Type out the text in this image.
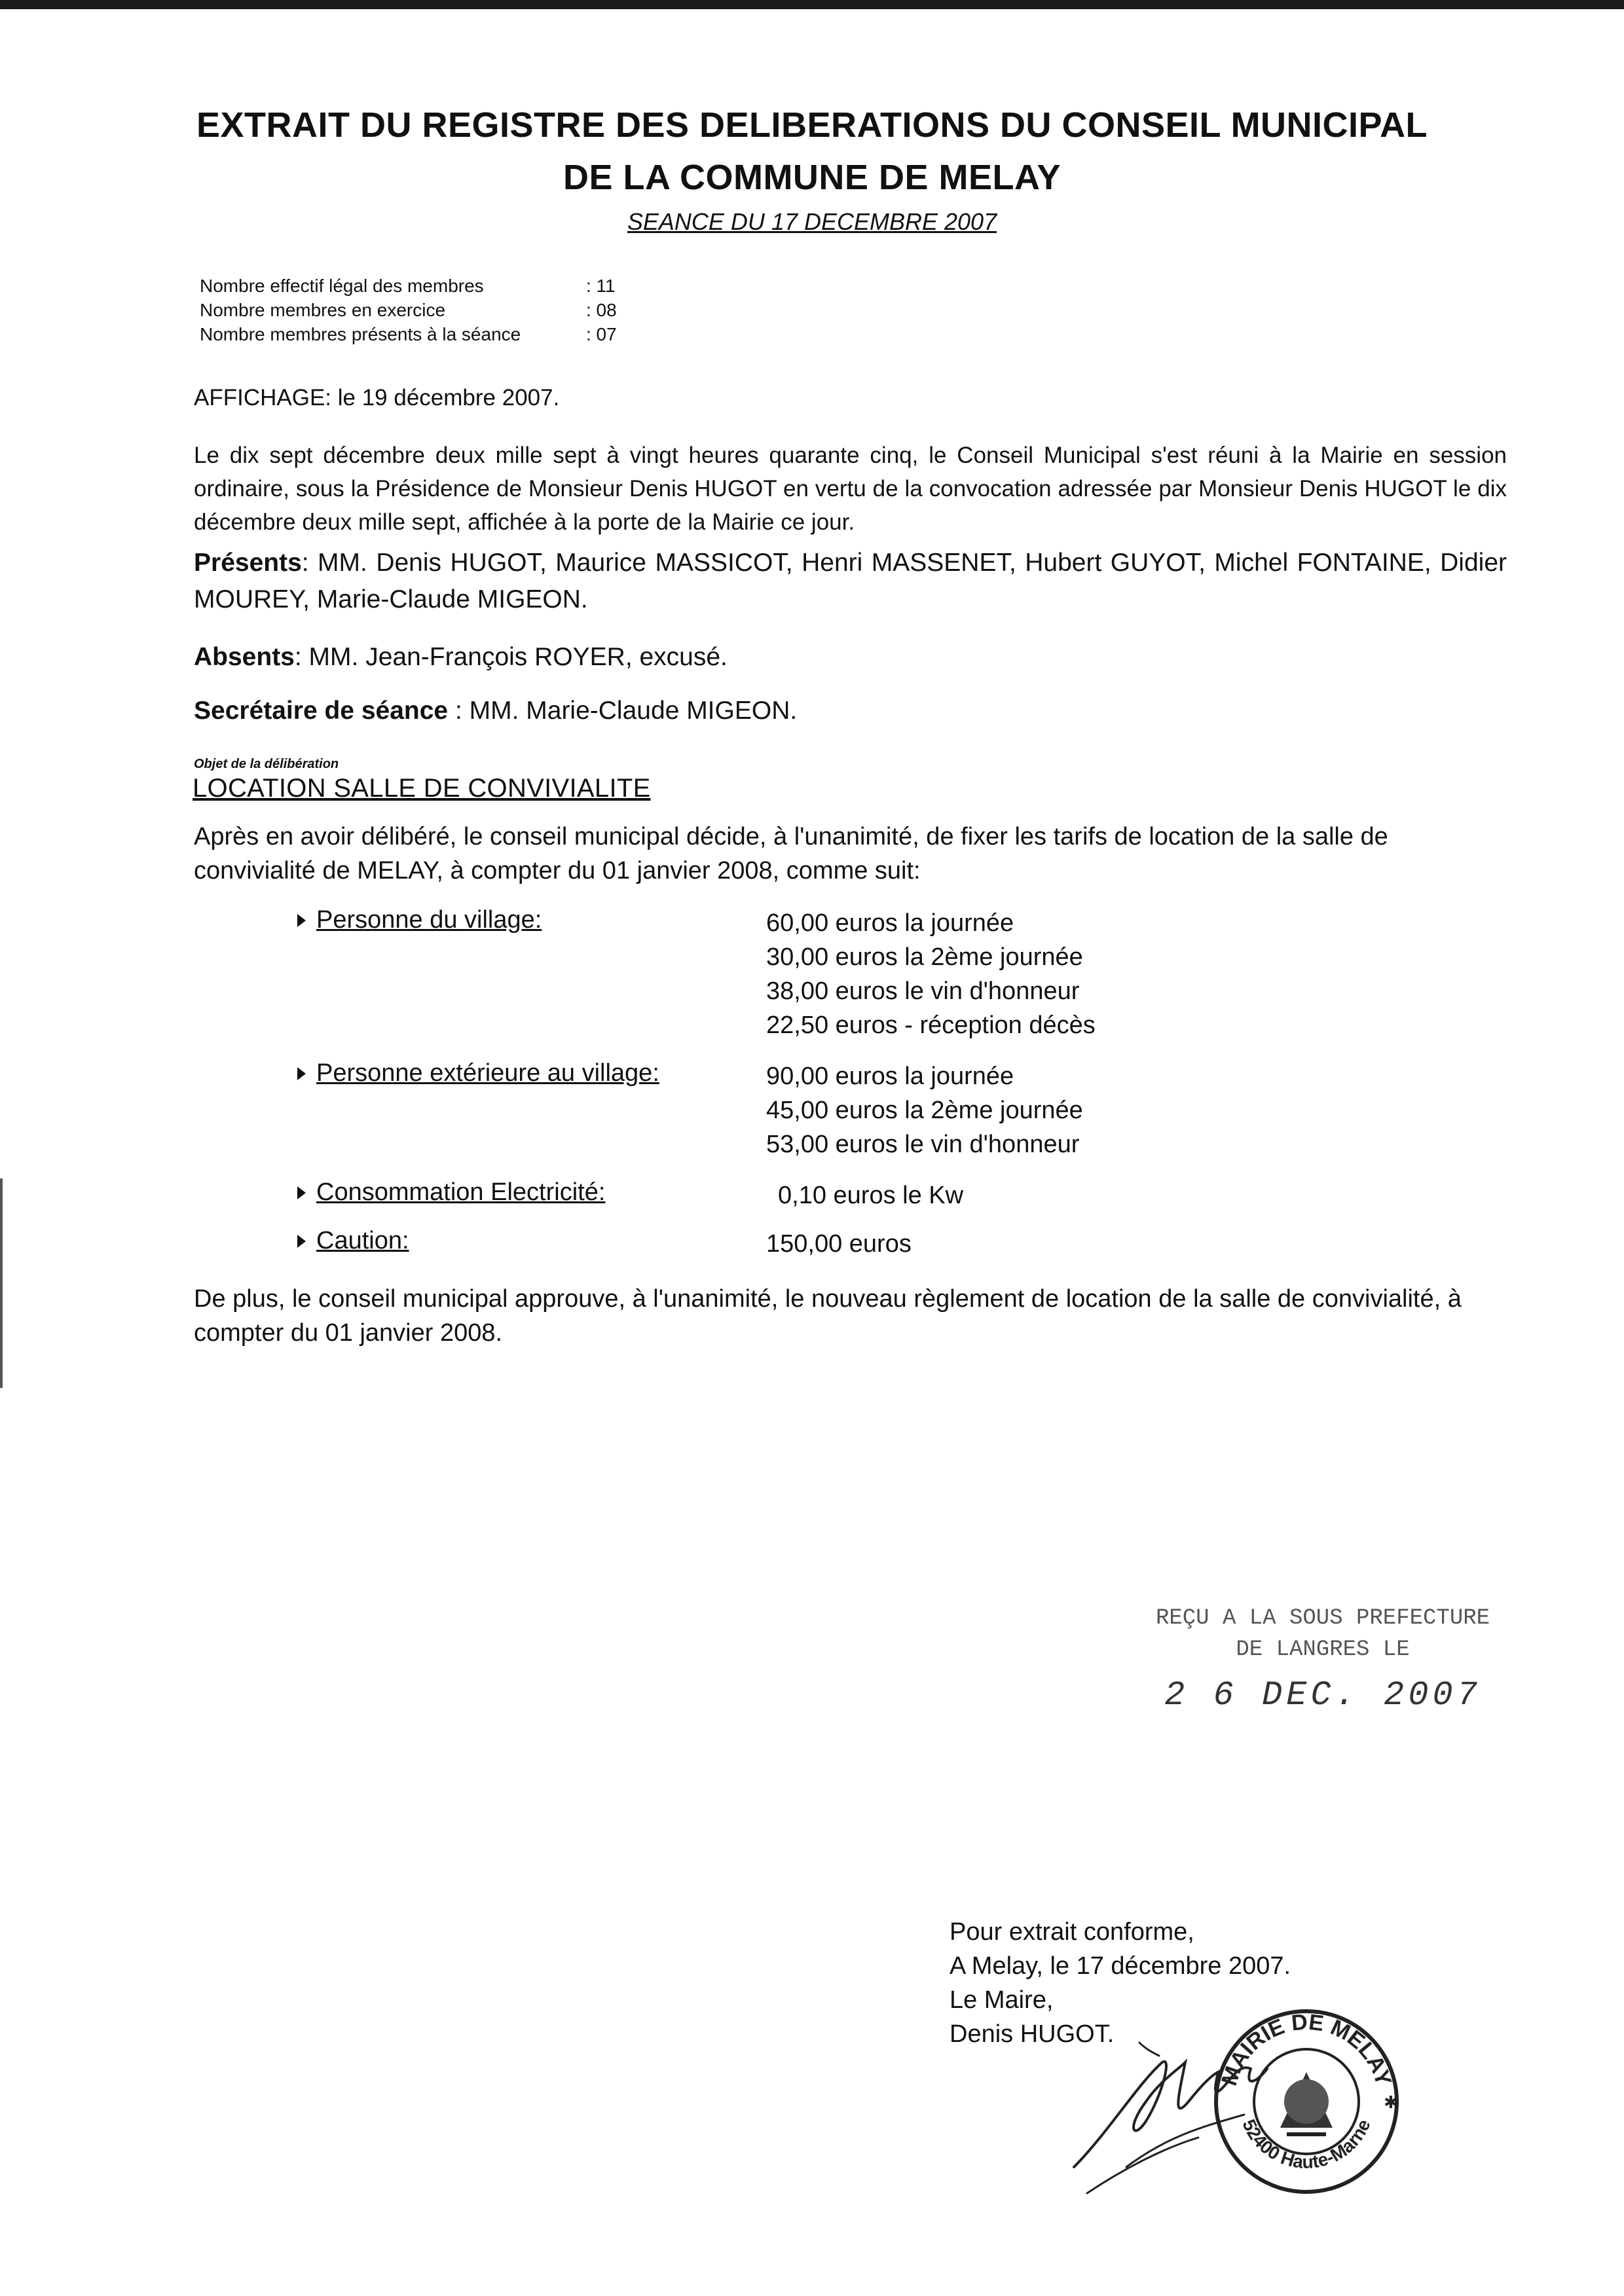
EXTRAIT DU REGISTRE DES DELIBERATIONS DU CONSEIL MUNICIPAL
DE LA COMMUNE DE MELAY
SEANCE DU 17 DECEMBRE 2007
Nombre effectif légal des membres	: 11
Nombre membres en exercice	: 08
Nombre membres présents à la séance	: 07
AFFICHAGE: le 19 décembre 2007.
Le dix sept décembre deux mille sept à vingt heures quarante cinq, le Conseil Municipal s'est réuni à la Mairie en session ordinaire, sous la Présidence de Monsieur Denis HUGOT en vertu de la convocation adressée par Monsieur Denis HUGOT le dix décembre deux mille sept, affichée à la porte de la Mairie ce jour.
Présents: MM. Denis HUGOT, Maurice MASSICOT, Henri MASSENET, Hubert GUYOT, Michel FONTAINE, Didier MOUREY, Marie-Claude MIGEON.
Absents: MM. Jean-François ROYER, excusé.
Secrétaire de séance : MM. Marie-Claude MIGEON.
Objet de la délibération
LOCATION SALLE DE CONVIVIALITE
Après en avoir délibéré, le conseil municipal décide, à l'unanimité, de fixer les tarifs de location de la salle de convivialité de MELAY, à compter du 01 janvier 2008, comme suit:
Personne du village:	60,00 euros la journée
30,00 euros la 2ème journée
38,00 euros le vin d'honneur
22,50 euros - réception décès
Personne extérieure au village:	90,00 euros la journée
45,00 euros la 2ème journée
53,00 euros le vin d'honneur
Consommation Electricité:	0,10 euros le Kw
Caution:	150,00 euros
De plus, le conseil municipal approuve, à l'unanimité, le nouveau règlement de location de la salle de convivialité, à compter du 01 janvier 2008.
REÇU A LA SOUS PREFECTURE
DE LANGRES LE
2 6 DEC. 2007
Pour extrait conforme,
A Melay, le 17 décembre 2007.
Le Maire,
Denis HUGOT.
MAIRIE DE MELAY
52400 Haute-Marne
✱
